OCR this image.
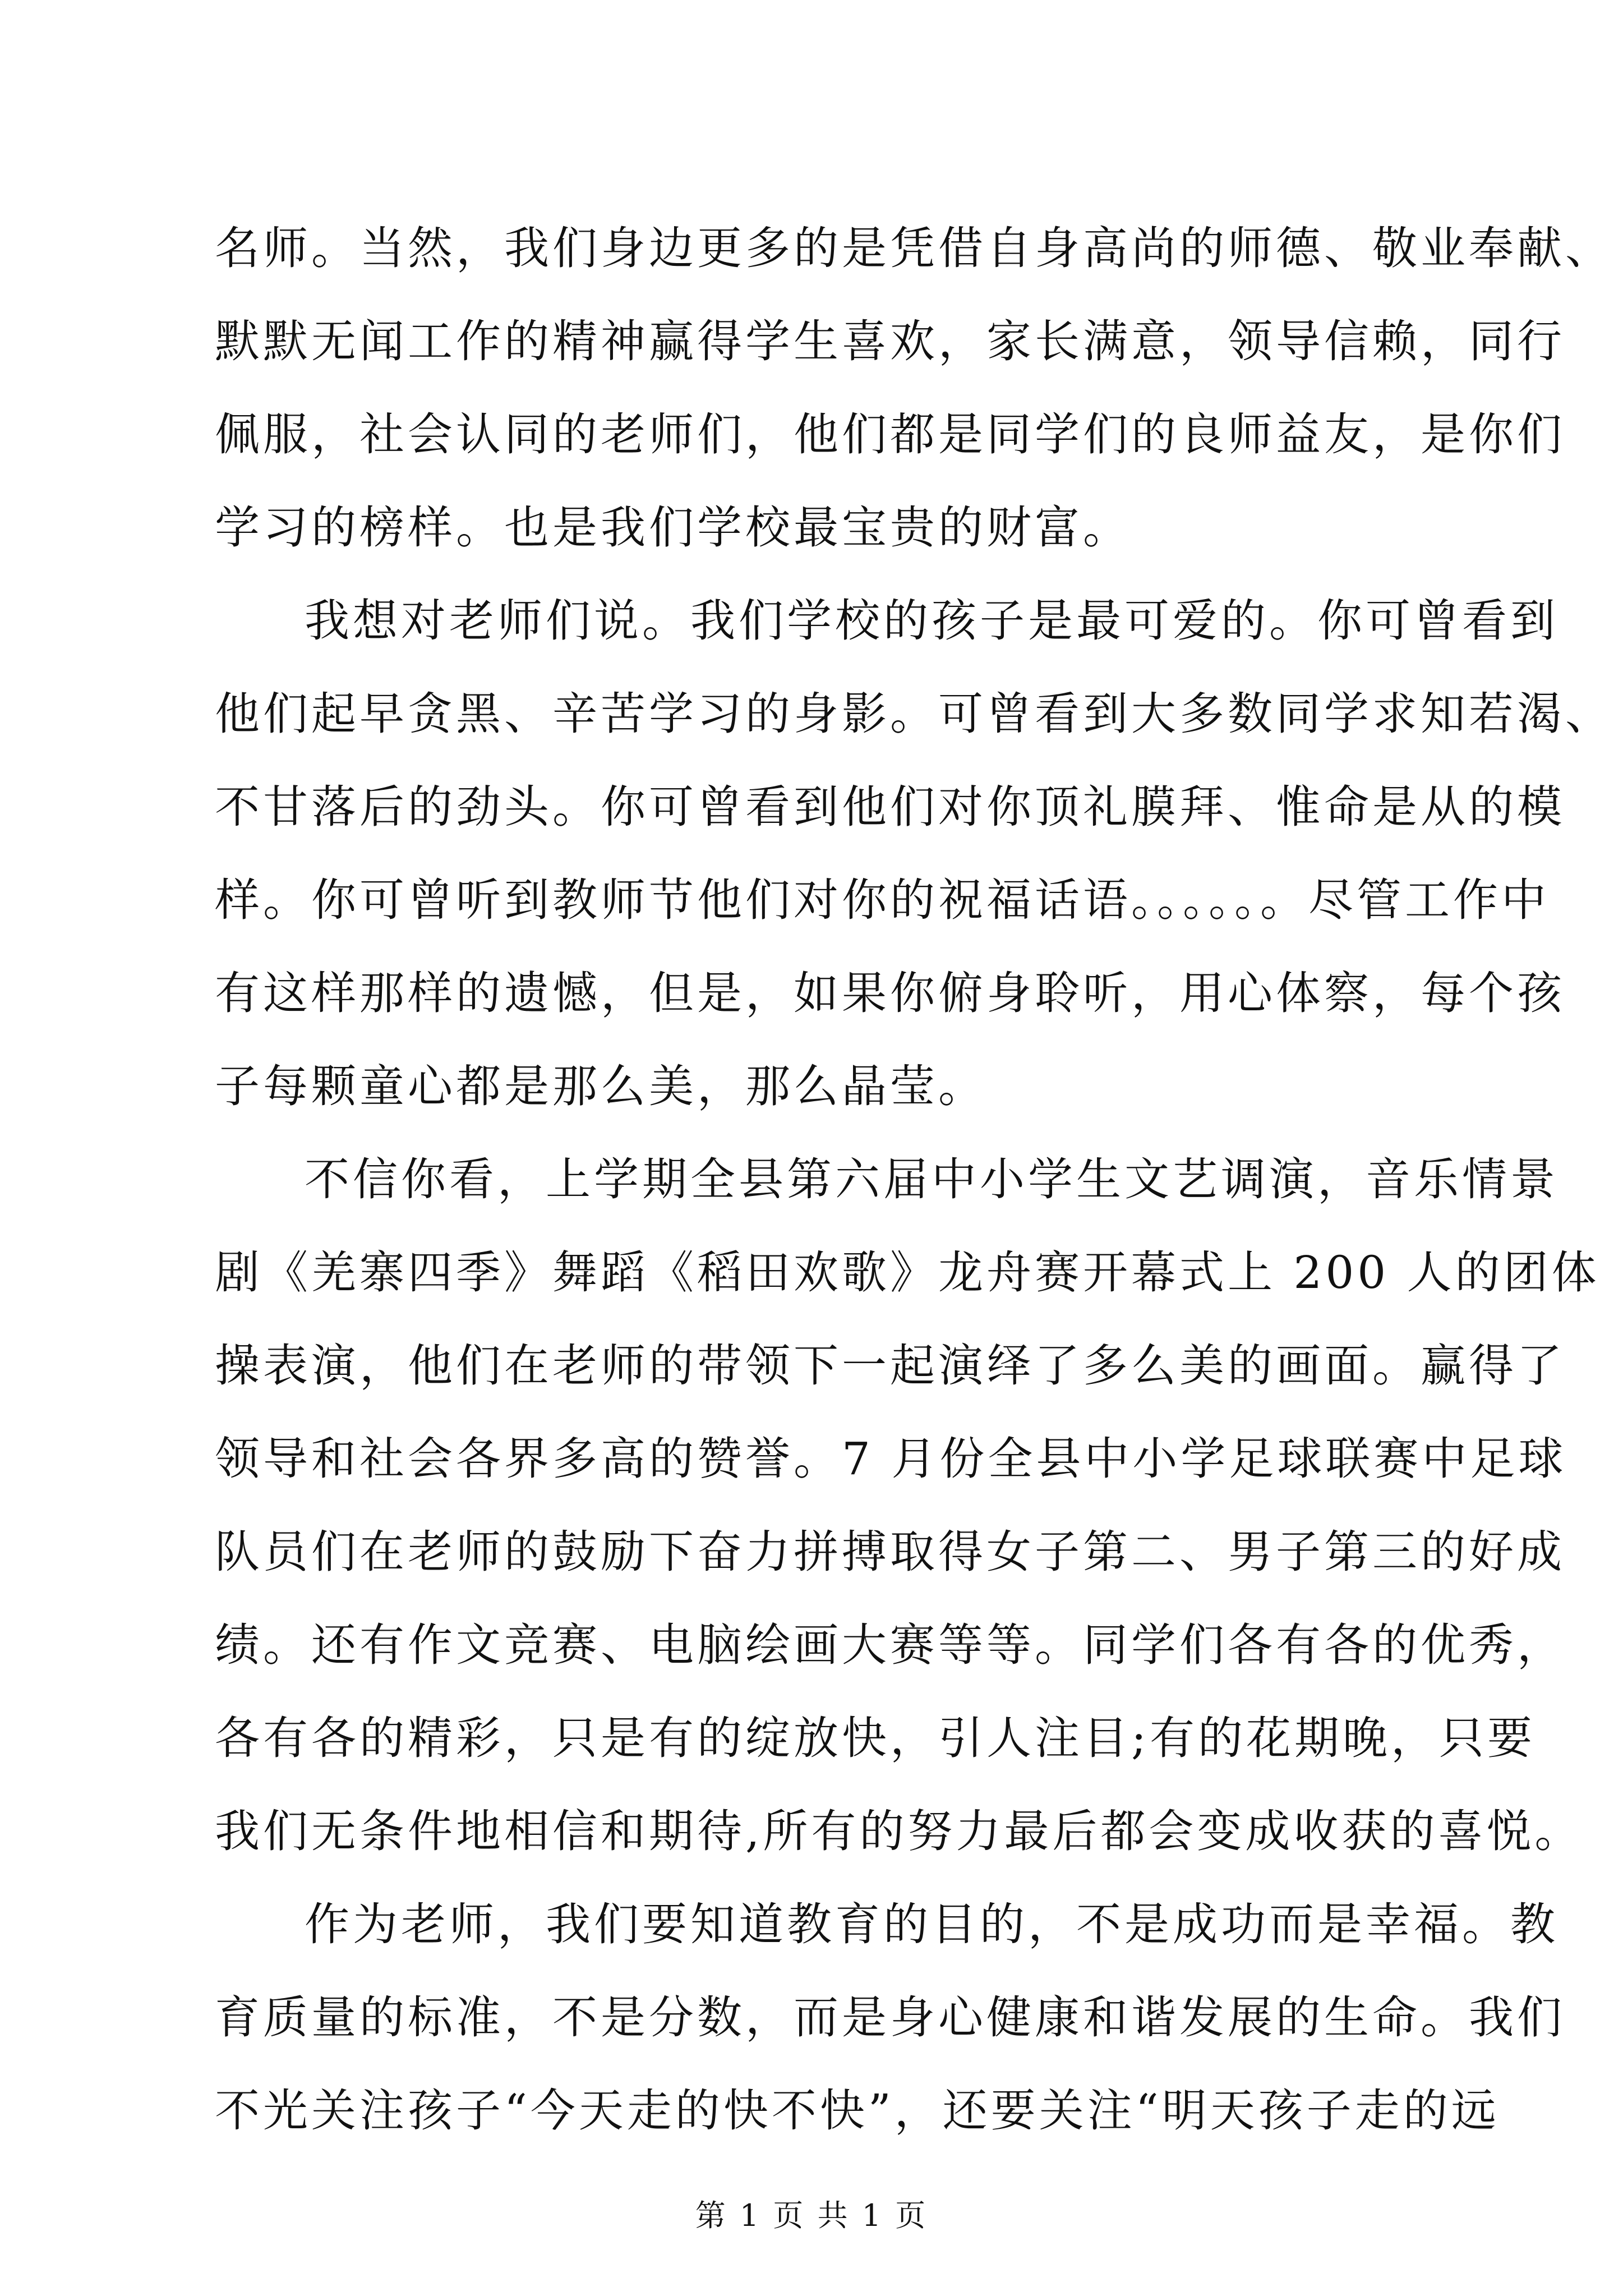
名师。当然，我们身边更多的是凭借自身高尚的师德、敬业奉献、
默默无闻工作的精神赢得学生喜欢，家长满意，领导信赖，同行
佩服，社会认同的老师们，他们都是同学们的良师益友，是你们
学习的榜样。也是我们学校最宝贵的财富。
我想对老师们说。我们学校的孩子是最可爱的。你可曾看到
他们起早贪黑、辛苦学习的身影。可曾看到大多数同学求知若渴、
不甘落后的劲头。你可曾看到他们对你顶礼膜拜、惟命是从的模
样。你可曾听到教师节他们对你的祝福话语。。。。。。尽管工作中
有这样那样的遗憾，但是，如果你俯身聆听，用心体察，每个孩
子每颗童心都是那么美，那么晶莹。
不信你看，上学期全县第六届中小学生文艺调演，音乐情景
剧《羌寨四季》舞蹈《稻田欢歌》龙舟赛开幕式上 200 人的团体
操表演，他们在老师的带领下一起演绎了多么美的画面。赢得了
领导和社会各界多高的赞誉。7 月份全县中小学足球联赛中足球
队员们在老师的鼓励下奋力拼搏取得女子第二、男子第三的好成
绩。还有作文竞赛、电脑绘画大赛等等。同学们各有各的优秀，
各有各的精彩，只是有的绽放快，引人注目;有的花期晚，只要
我们无条件地相信和期待,所有的努力最后都会变成收获的喜悦。
作为老师，我们要知道教育的目的，不是成功而是幸福。教
育质量的标准，不是分数，而是身心健康和谐发展的生命。我们
不光关注孩子“今天走的快不快”，还要关注“明天孩子走的远
第 1 页 共 1 页
